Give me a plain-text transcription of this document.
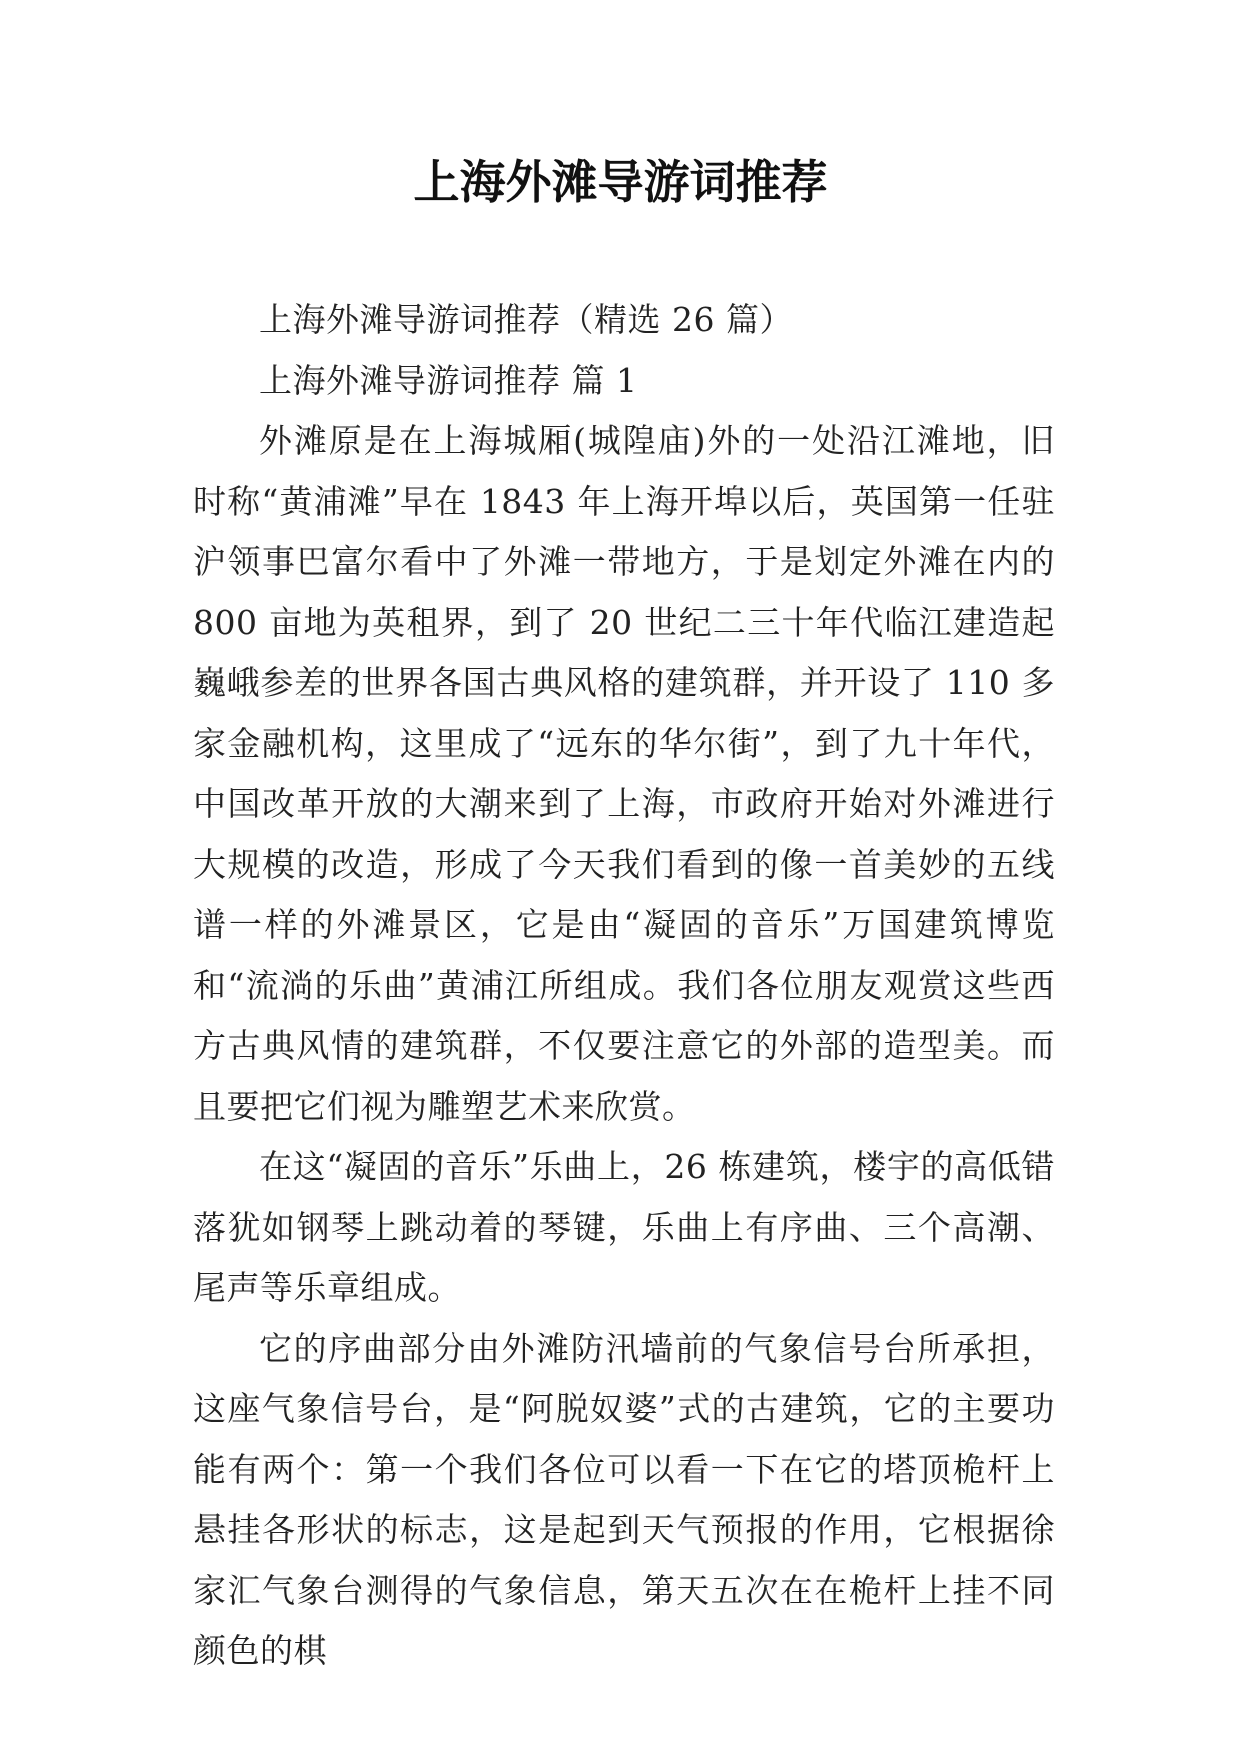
上海外滩导游词推荐

上海外滩导游词推荐（精选 26 篇）

上海外滩导游词推荐 篇 1

外滩原是在上海城厢(城隍庙)外的一处沿江滩地，旧时称“黄浦滩”早在 1843 年上海开埠以后，英国第一任驻沪领事巴富尔看中了外滩一带地方，于是划定外滩在内的 800 亩地为英租界，到了 20 世纪二三十年代临江建造起巍峨参差的世界各国古典风格的建筑群，并开设了 110 多家金融机构，这里成了“远东的华尔街”，到了九十年代，中国改革开放的大潮来到了上海，市政府开始对外滩进行大规模的改造，形成了今天我们看到的像一首美妙的五线谱一样的外滩景区，它是由“凝固的音乐”万国建筑博览和“流淌的乐曲”黄浦江所组成。我们各位朋友观赏这些西方古典风情的建筑群，不仅要注意它的外部的造型美。而且要把它们视为雕塑艺术来欣赏。

在这“凝固的音乐”乐曲上，26 栋建筑，楼宇的高低错落犹如钢琴上跳动着的琴键，乐曲上有序曲、三个高潮、尾声等乐章组成。

它的序曲部分由外滩防汛墙前的气象信号台所承担，这座气象信号台，是“阿脱奴婆”式的古建筑，它的主要功能有两个：第一个我们各位可以看一下在它的塔顶桅杆上悬挂各形状的标志，这是起到天气预报的作用，它根据徐家汇气象台测得的气象信息，第天五次在在桅杆上挂不同颜色的棋
